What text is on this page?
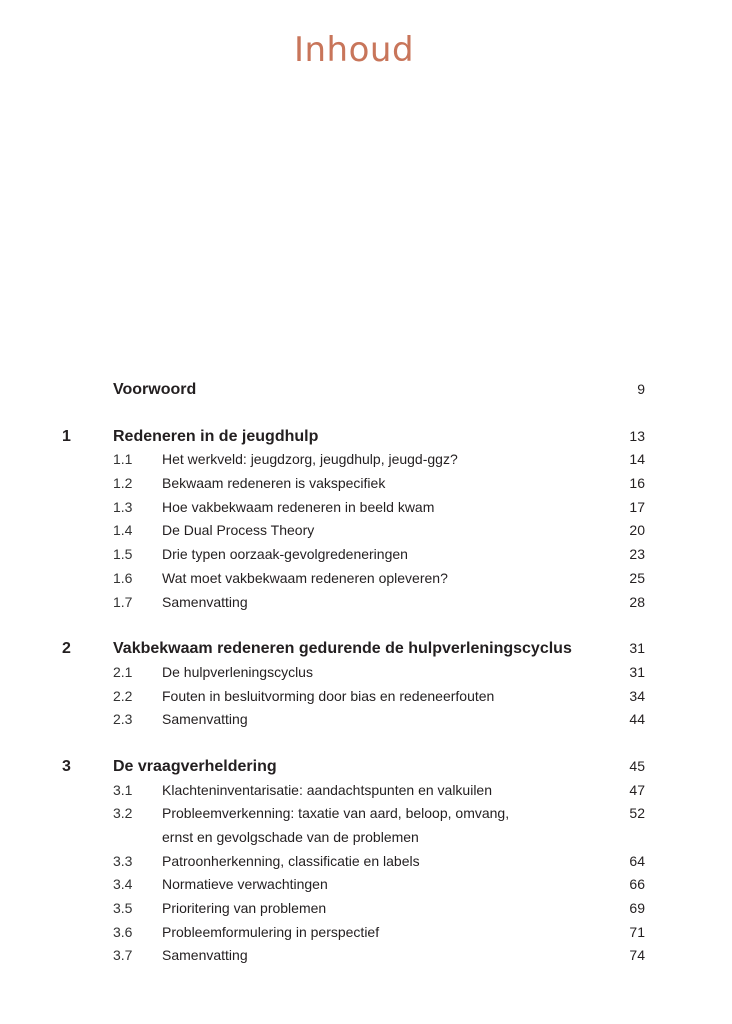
Inhoud
Voorwoord	9
1	Redeneren in de jeugdhulp	13
1.1 Het werkveld: jeugdzorg, jeugdhulp, jeugd-ggz?	14
1.2 Bekwaam redeneren is vakspecifiek	16
1.3 Hoe vakbekwaam redeneren in beeld kwam	17
1.4 De Dual Process Theory	20
1.5 Drie typen oorzaak-gevolgredeneringen	23
1.6 Wat moet vakbekwaam redeneren opleveren?	25
1.7 Samenvatting	28
2	Vakbekwaam redeneren gedurende de hulpverleningscyclus	31
2.1 De hulpverleningscyclus	31
2.2 Fouten in besluitvorming door bias en redeneerfouten	34
2.3 Samenvatting	44
3	De vraagverheldering	45
3.1 Klachteninventarisatie: aandachtspunten en valkuilen	47
3.2 Probleemverkenning: taxatie van aard, beloop, omvang,	52
ernst en gevolgschade van de problemen
3.3 Patroonherkenning, classificatie en labels	64
3.4 Normatieve verwachtingen	66
3.5 Prioritering van problemen	69
3.6 Probleemformulering in perspectief	71
3.7 Samenvatting	74
